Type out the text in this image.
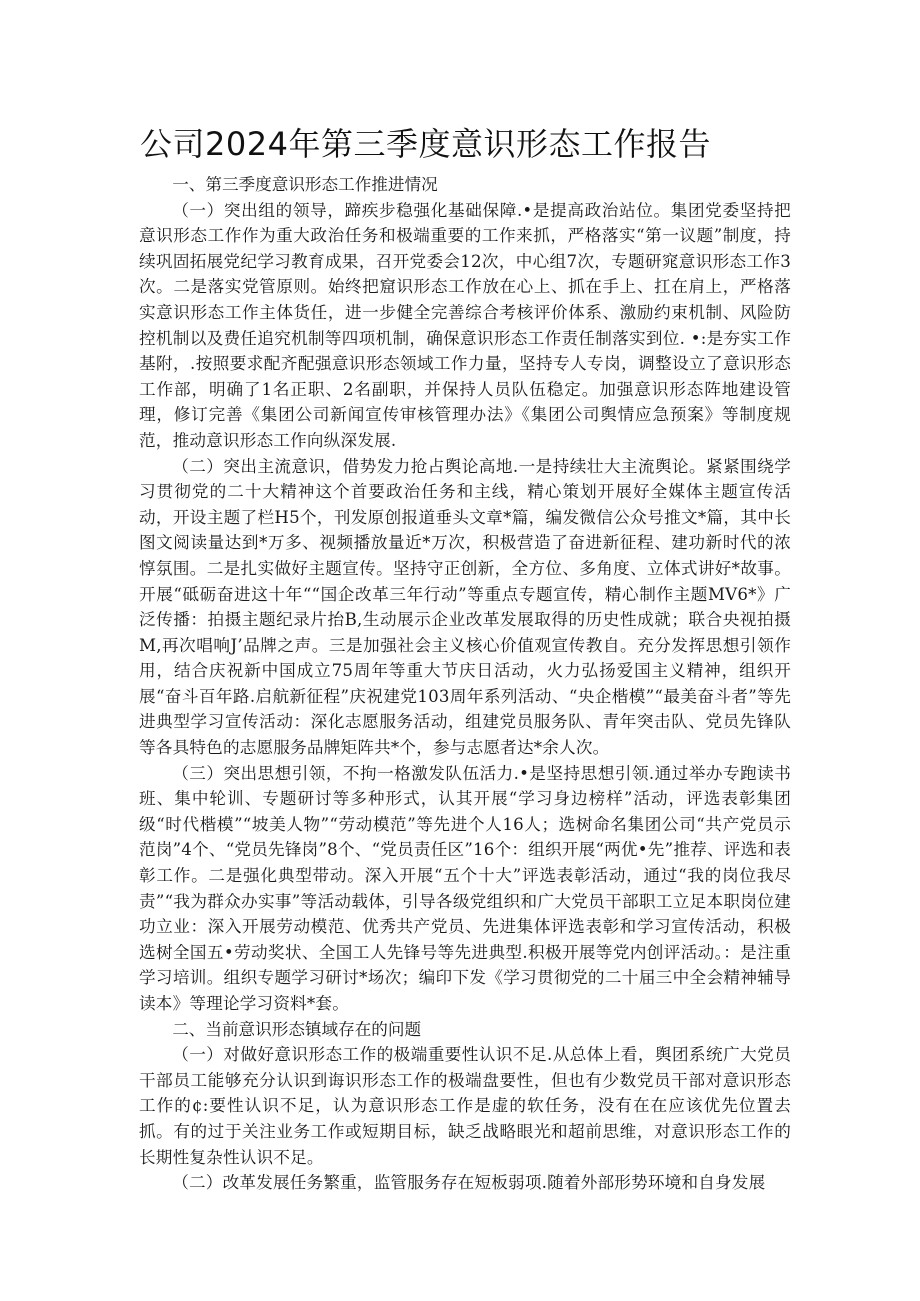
公司2024年第三季度意识形态工作报告

一、第三季度意识形态工作推进情况

（一）突出组的领导，蹄疾步稳强化基础保障.•是提高政治站位。集团党委坚持把意识形态工作作为重大政治任务和极端重要的工作来抓，严格落实“第一议题”制度，持续巩固拓展党纪学习教育成果，召开党委会12次，中心组7次，专题研窕意识形态工作3次。二是落实党管原则。始终把窟识形态工作放在心上、抓在手上、扛在肩上，严格落实意识形态工作主体货任，进一步健全完善综合考核评价体系、激励约束机制、风险防控机制以及费任追究机制等四项机制，确保意识形态工作责任制落实到位. •:是夯实工作基附，.按照要求配齐配强意识形态领域工作力量，坚持专人专岗，调整设立了意识形态工作部，明确了1名正职、2名副职，并保持人员队伍稳定。加强意识形态阵地建设管理，修订完善《集团公司新闻宣传审核管理办法》《集团公司舆情应急预案》等制度规范，推动意识形态工作向纵深发展.

（二）突出主流意识，借势发力抢占舆论高地.一是持续壮大主流舆论。紧紧围绕学习贯彻党的二十大精神这个首要政治任务和主线，精心策划开展好全媒体主题宣传活动，开设主题了栏H5个，刊发原创报道垂头文章*篇，编发微信公众号推文*篇，其中长图文阅读量达到*万多、视频播放量近*万次，积极营造了奋进新征程、建功新时代的浓惇氛围。二是扎实做好主题宣传。坚持守正创新，全方位、多角度、立体式讲好*故事。开展“砥砺奋进这十年““国企改革三年行动”等重点专题宣传，精心制作主题MV6*》广泛传播：拍摄主题纪录片抬B,生动展示企业改革发展取得的历史性成就；联合央视拍摄M,再次唱响J’品牌之声。三是加强社会主义核心价值观宣传教自。充分发挥思想引领作用，结合庆祝新中国成立75周年等重大节庆日活动，火力弘扬爱国主义精神，组织开展“奋斗百年路.启航新征程”庆祝建党103周年系列活动、“央企楷模”“最美奋斗者”等先进典型学习宣传活动：深化志愿服务活动，组建党员服务队、青年突击队、党员先锋队等各具特色的志愿服务品牌矩阵共*个，参与志愿者达*余人次。

（三）突出思想引领，不拘一格激发队伍活力.•是坚持思想引领.通过举办专跑读书班、集中轮训、专题研讨等多种形式，认其开展“学习身边榜样”活动，评选表彰集团级“时代楷模”“坡美人物”“劳动模范”等先进个人16人；选树命名集团公司“共产党员示范岗”4个、“党员先锋岗”8个、“党员责任区”16个：组织开展“两优•先”推荐、评选和表彰工作。二是强化典型带动。深入开展“五个十大”评选表彰活动，通过“我的岗位我尽责”“我为群众办实事”等活动载体，引导各级党组织和广大党员干部职工立足本职岗位建功立业：深入开展劳动模范、优秀共产党员、先进集体评选表彰和学习宣传活动，积极选树全国五•劳动奖状、全国工人先锋号等先进典型.积极开展等党内创评活动。：是注重学习培训。组织专题学习研讨*场次；编印下发《学习贯彻党的二十届三中全会精神辅导读本》等理论学习资料*套。

二、当前意识形态镇域存在的问题

（一）对做好意识形态工作的极端重要性认识不足.从总体上看，舆团系统广大党员干部员工能够充分认识到诲识形态工作的极端盘要性，但也有少数党员干部对意识形态工作的¢:要性认识不足，认为意识形态工作是虚的软任务，没有在在应该优先位置去抓。有的过于关注业务工作或短期目标，缺乏战略眼光和超前思维，对意识形态工作的长期性复杂性认识不足。

（二）改革发展任务繁重，监管服务存在短板弱项.随着外部形势环境和自身发展
